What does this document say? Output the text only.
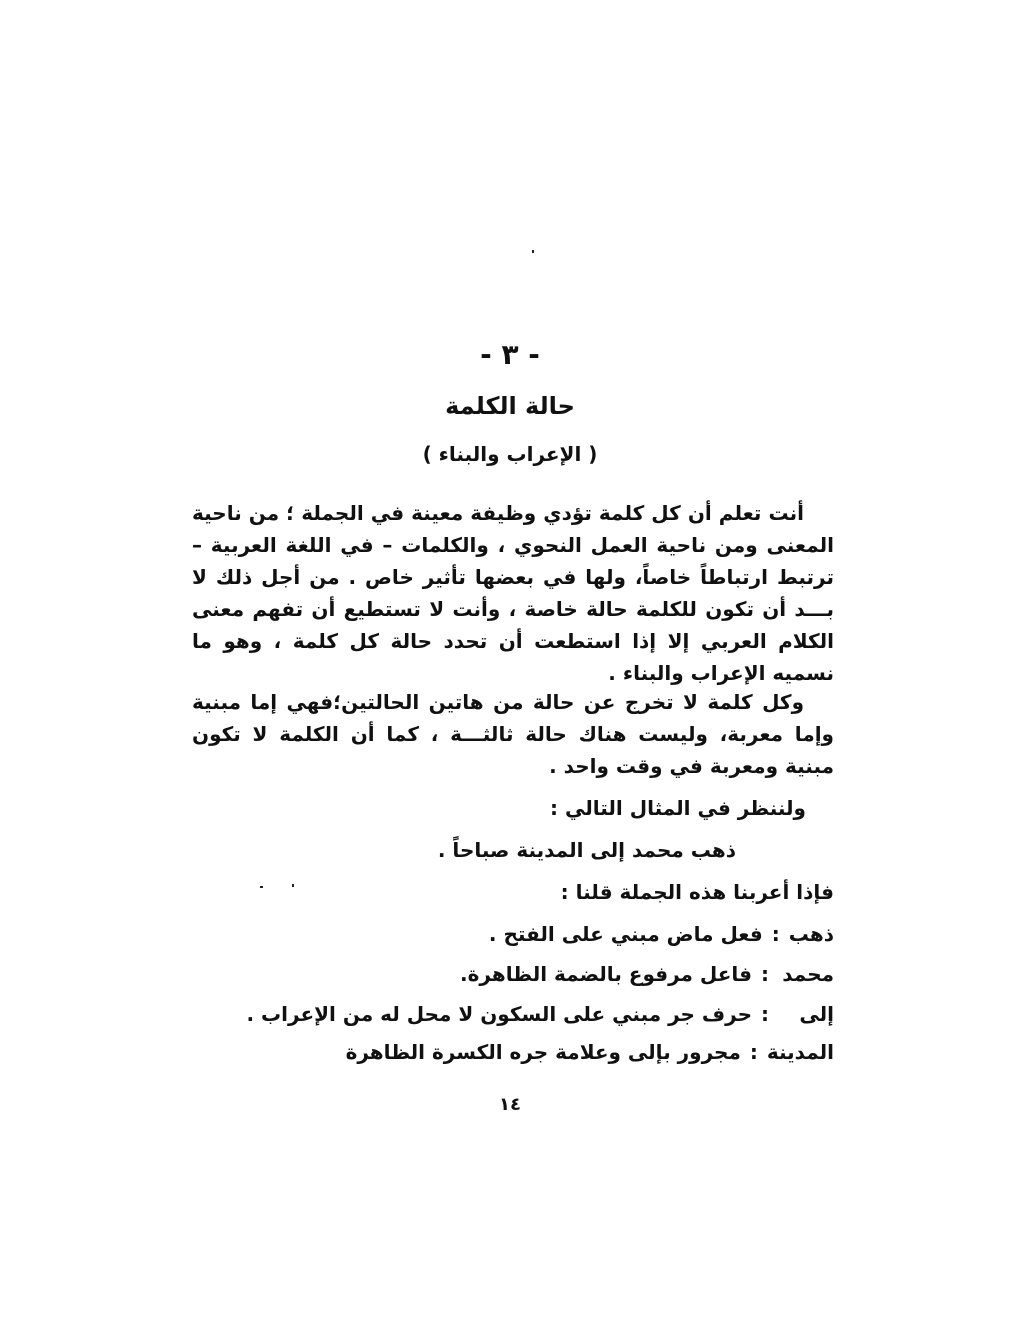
- ٣ -
حالة الكلمة
( الإعراب والبناء )

أنت تعلم أن كل كلمة تؤدي وظيفة معينة في الجملة ؛ من ناحية المعنى ومن ناحية العمل النحوي ، والكلمات – في اللغة العربية – ترتبط ارتباطاً خاصاً، ولها في بعضها تأثير خاص . من أجل ذلك لا بـــد أن تكون للكلمة حالة خاصة ، وأنت لا تستطيع أن تفهم معنى الكلام العربي إلا إذا استطعت أن تحدد حالة كل كلمة ، وهو ما نسميه الإعراب والبناء .

وكل كلمة لا تخرج عن حالة من هاتين الحالتين؛فهي إما مبنية وإما معربة، وليست هناك حالة ثالثـــة ، كما أن الكلمة لا تكون مبنية ومعربة في وقت واحد .

ولننظر في المثال التالي :
ذهب محمد إلى المدينة صباحاً .
فإذا أعربنا هذه الجملة قلنا :
ذهب
:
فعل ماض مبني على الفتح .
محمد
:
فاعل مرفوع بالضمة الظاهرة.
إلى
:
حرف جر مبني على السكون لا محل له من الإعراب .
المدينة
:
مجرور بإلى وعلامة جره الكسرة الظاهرة
١٤
